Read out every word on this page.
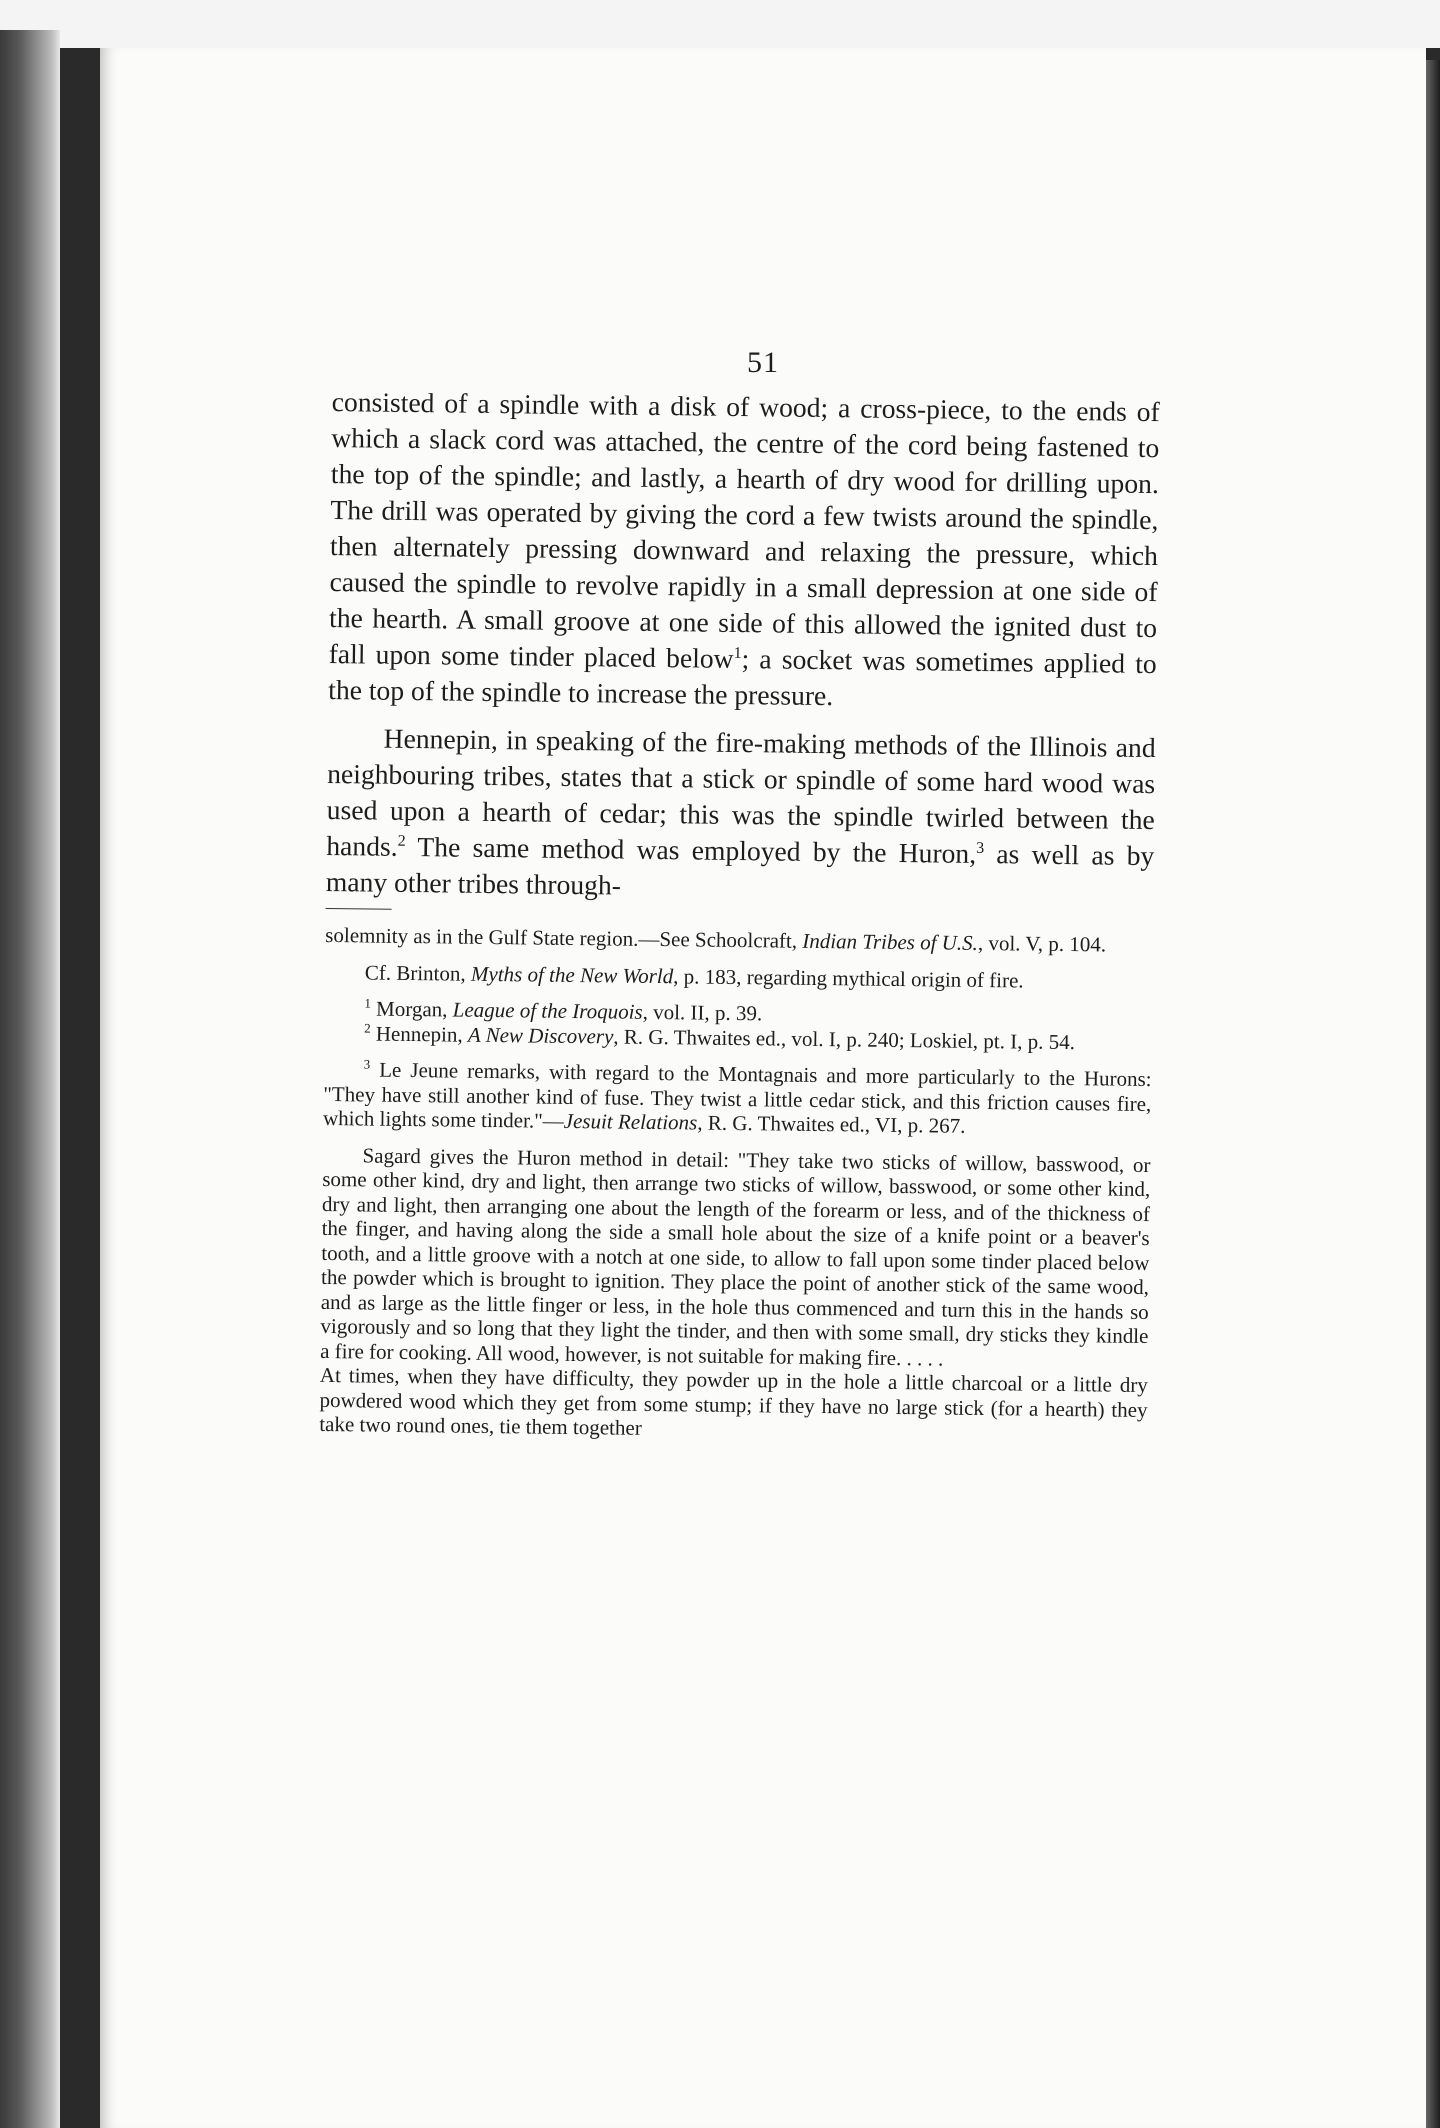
51

consisted of a spindle with a disk of wood; a cross-piece, to the ends of which a slack cord was attached, the centre of the cord being fastened to the top of the spindle; and lastly, a hearth of dry wood for drilling upon. The drill was operated by giving the cord a few twists around the spindle, then alternately pressing downward and relaxing the pressure, which caused the spindle to revolve rapidly in a small depression at one side of the hearth. A small groove at one side of this allowed the ignited dust to fall upon some tinder placed below$^1$; a socket was sometimes applied to the top of the spindle to increase the pressure.

Hennepin, in speaking of the fire-making methods of the Illinois and neighbouring tribes, states that a stick or spindle of some hard wood was used upon a hearth of cedar; this was the spindle twirled between the hands.$^2$ The same method was employed by the Huron,$^3$ as well as by many other tribes through-

solemnity as in the Gulf State region.—See Schoolcraft, Indian Tribes of U.S., vol. V, p. 104.

Cf. Brinton, Myths of the New World, p. 183, regarding mythical origin of fire.

$^1$ Morgan, League of the Iroquois, vol. II, p. 39.

$^2$ Hennepin, A New Discovery, R. G. Thwaites ed., vol. I, p. 240; Loskiel, pt. I, p. 54.

$^3$ Le Jeune remarks, with regard to the Montagnais and more particularly to the Hurons: "They have still another kind of fuse. They twist a little cedar stick, and this friction causes fire, which lights some tinder."—Jesuit Relations, R. G. Thwaites ed., VI, p. 267.

Sagard gives the Huron method in detail: "They take two sticks of willow, basswood, or some other kind, dry and light, then arrange two sticks of willow, basswood, or some other kind, dry and light, then arranging one about the length of the forearm or less, and of the thickness of the finger, and having along the side a small hole about the size of a knife point or a beaver's tooth, and a little groove with a notch at one side, to allow to fall upon some tinder placed below the powder which is brought to ignition. They place the point of another stick of the same wood, and as large as the little finger or less, in the hole thus commenced and turn this in the hands so vigorously and so long that they light the tinder, and then with some small, dry sticks they kindle a fire for cooking. All wood, however, is not suitable for making fire. . . . .

At times, when they have difficulty, they powder up in the hole a little charcoal or a little dry powdered wood which they get from some stump; if they have no large stick (for a hearth) they take two round ones, tie them together
